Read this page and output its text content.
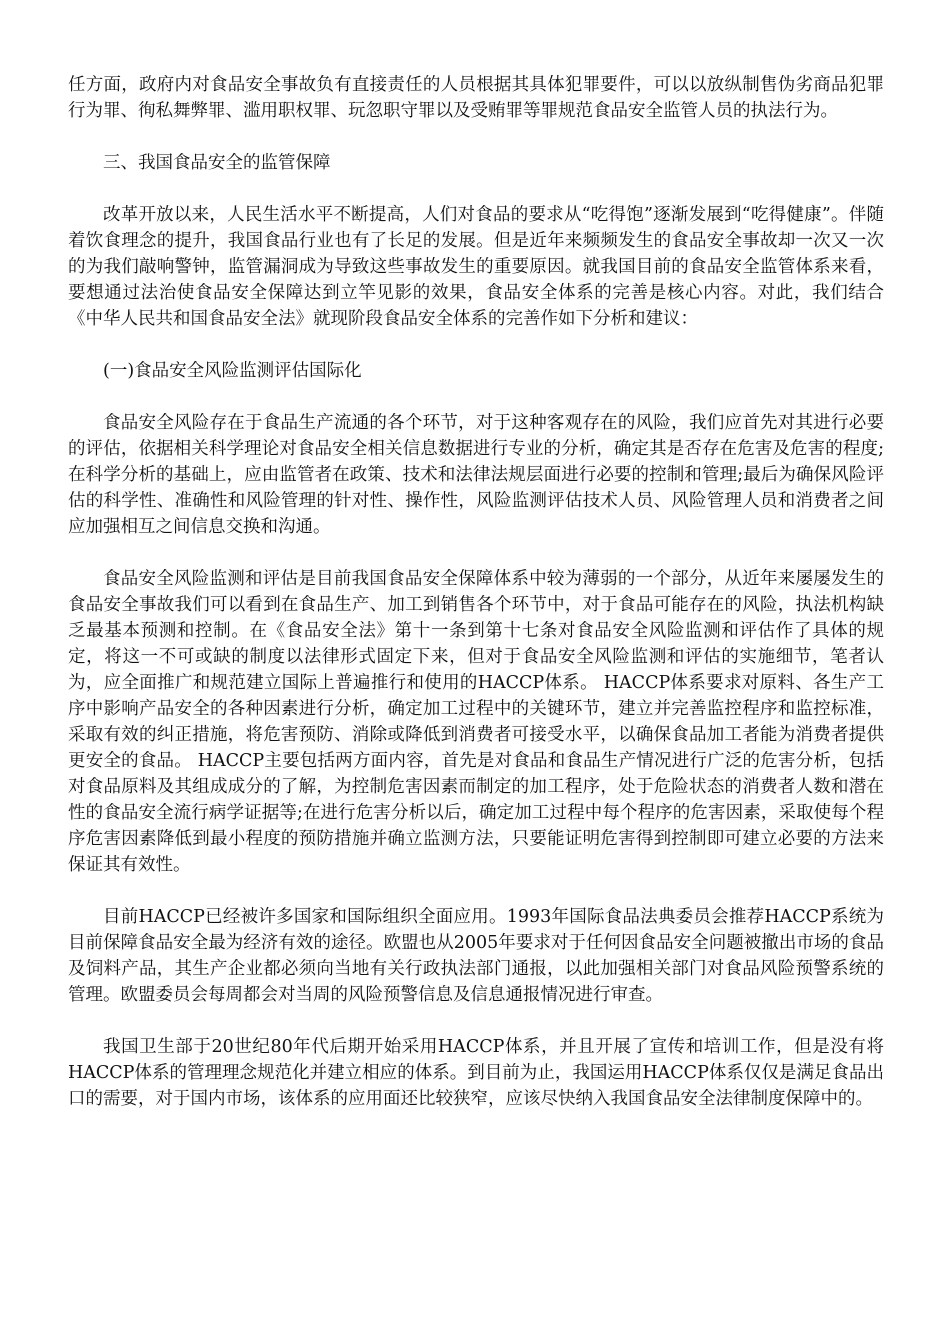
任方面，政府内对食品安全事故负有直接责任的人员根据其具体犯罪要件，可以以放纵制售伪劣商品犯罪行为罪、徇私舞弊罪、滥用职权罪、玩忽职守罪以及受贿罪等罪规范食品安全监管人员的执法行为。

三、我国食品安全的监管保障

改革开放以来，人民生活水平不断提高，人们对食品的要求从“吃得饱”逐渐发展到“吃得健康”。伴随着饮食理念的提升，我国食品行业也有了长足的发展。但是近年来频频发生的食品安全事故却一次又一次的为我们敲响警钟，监管漏洞成为导致这些事故发生的重要原因。就我国目前的食品安全监管体系来看，要想通过法治使食品安全保障达到立竿见影的效果，食品安全体系的完善是核心内容。对此，我们结合《中华人民共和国食品安全法》就现阶段食品安全体系的完善作如下分析和建议：

(一)食品安全风险监测评估国际化

食品安全风险存在于食品生产流通的各个环节，对于这种客观存在的风险，我们应首先对其进行必要的评估，依据相关科学理论对食品安全相关信息数据进行专业的分析，确定其是否存在危害及危害的程度;在科学分析的基础上，应由监管者在政策、技术和法律法规层面进行必要的控制和管理;最后为确保风险评估的科学性、准确性和风险管理的针对性、操作性，风险监测评估技术人员、风险管理人员和消费者之间应加强相互之间信息交换和沟通。

食品安全风险监测和评估是目前我国食品安全保障体系中较为薄弱的一个部分，从近年来屡屡发生的食品安全事故我们可以看到在食品生产、加工到销售各个环节中，对于食品可能存在的风险，执法机构缺乏最基本预测和控制。在《食品安全法》第十一条到第十七条对食品安全风险监测和评估作了具体的规定，将这一不可或缺的制度以法律形式固定下来，但对于食品安全风险监测和评估的实施细节，笔者认为，应全面推广和规范建立国际上普遍推行和使用的HACCP体系。 HACCP体系要求对原料、各生产工序中影响产品安全的各种因素进行分析，确定加工过程中的关键环节，建立并完善监控程序和监控标准，采取有效的纠正措施，将危害预防、消除或降低到消费者可接受水平，以确保食品加工者能为消费者提供更安全的食品。 HACCP主要包括两方面内容，首先是对食品和食品生产情况进行广泛的危害分析，包括对食品原料及其组成成分的了解，为控制危害因素而制定的加工程序，处于危险状态的消费者人数和潜在性的食品安全流行病学证据等;在进行危害分析以后，确定加工过程中每个程序的危害因素，采取使每个程序危害因素降低到最小程度的预防措施并确立监测方法，只要能证明危害得到控制即可建立必要的方法来保证其有效性。

目前HACCP已经被许多国家和国际组织全面应用。1993年国际食品法典委员会推荐HACCP系统为目前保障食品安全最为经济有效的途径。欧盟也从2005年要求对于任何因食品安全问题被撤出市场的食品及饲料产品，其生产企业都必须向当地有关行政执法部门通报，以此加强相关部门对食品风险预警系统的管理。欧盟委员会每周都会对当周的风险预警信息及信息通报情况进行审查。

我国卫生部于20世纪80年代后期开始采用HACCP体系，并且开展了宣传和培训工作，但是没有将HACCP体系的管理理念规范化并建立相应的体系。到目前为止，我国运用HACCP体系仅仅是满足食品出口的需要，对于国内市场，该体系的应用面还比较狭窄，应该尽快纳入我国食品安全法律制度保障中的。
